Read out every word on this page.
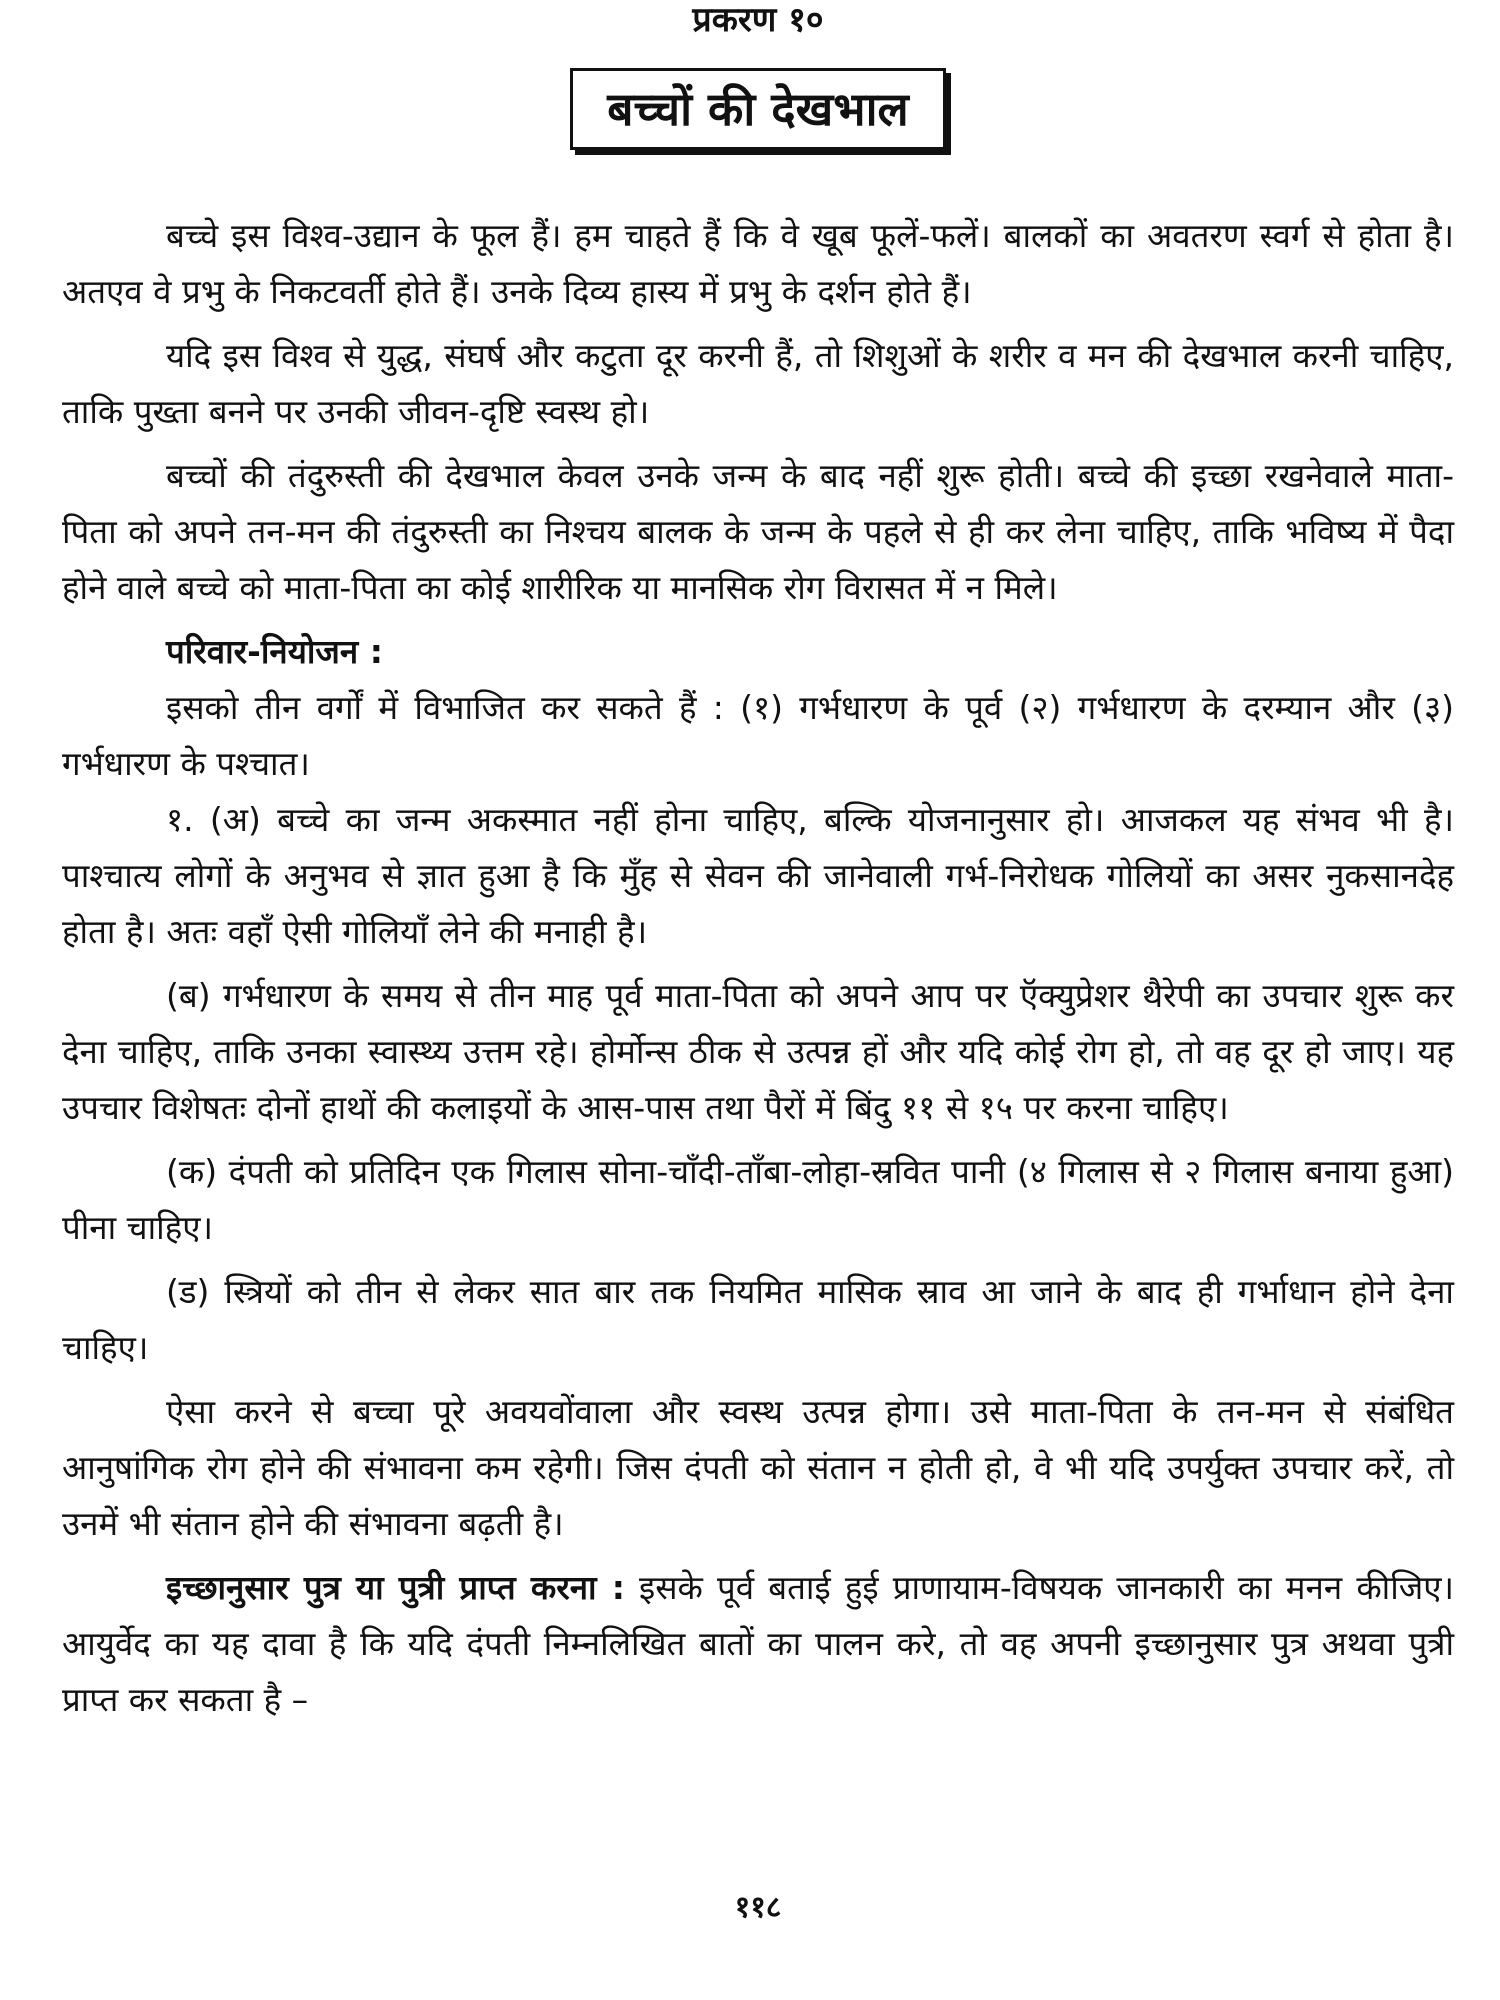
प्रकरण १०
बच्चों की देखभाल

बच्चे इस विश्व-उद्यान के फूल हैं। हम चाहते हैं कि वे खूब फूलें-फलें। बालकों का अवतरण स्वर्ग से होता है। अतएव वे प्रभु के निकटवर्ती होते हैं। उनके दिव्य हास्य में प्रभु के दर्शन होते हैं।

यदि इस विश्व से युद्ध, संघर्ष और कटुता दूर करनी हैं, तो शिशुओं के शरीर व मन की देखभाल करनी चाहिए, ताकि पुख्ता बनने पर उनकी जीवन-दृष्टि स्वस्थ हो।

बच्चों की तंदुरुस्ती की देखभाल केवल उनके जन्म के बाद नहीं शुरू होती। बच्चे की इच्छा रखनेवाले माता-पिता को अपने तन-मन की तंदुरुस्ती का निश्चय बालक के जन्म के पहले से ही कर लेना चाहिए, ताकि भविष्य में पैदा होने वाले बच्चे को माता-पिता का कोई शारीरिक या मानसिक रोग विरासत में न मिले।

परिवार-नियोजन :

इसको तीन वर्गों में विभाजित कर सकते हैं : (१) गर्भधारण के पूर्व (२) गर्भधारण के दरम्यान और (३) गर्भधारण के पश्चात।

१. (अ) बच्चे का जन्म अकस्मात नहीं होना चाहिए, बल्कि योजनानुसार हो। आजकल यह संभव भी है। पाश्चात्य लोगों के अनुभव से ज्ञात हुआ है कि मुँह से सेवन की जानेवाली गर्भ-निरोधक गोलियों का असर नुकसानदेह होता है। अतः वहाँ ऐसी गोलियाँ लेने की मनाही है।

(ब) गर्भधारण के समय से तीन माह पूर्व माता-पिता को अपने आप पर ऍक्युप्रेशर थैरेपी का उपचार शुरू कर देना चाहिए, ताकि उनका स्वास्थ्य उत्तम रहे। होर्मोन्स ठीक से उत्पन्न हों और यदि कोई रोग हो, तो वह दूर हो जाए। यह उपचार विशेषतः दोनों हाथों की कलाइयों के आस-पास तथा पैरों में बिंदु ११ से १५ पर करना चाहिए।

(क) दंपती को प्रतिदिन एक गिलास सोना-चाँदी-ताँबा-लोहा-स्रवित पानी (४ गिलास से २ गिलास बनाया हुआ) पीना चाहिए।

(ड) स्त्रियों को तीन से लेकर सात बार तक नियमित मासिक स्राव आ जाने के बाद ही गर्भाधान होने देना चाहिए।

ऐसा करने से बच्चा पूरे अवयवोंवाला और स्वस्थ उत्पन्न होगा। उसे माता-पिता के तन-मन से संबंधित आनुषांगिक रोग होने की संभावना कम रहेगी। जिस दंपती को संतान न होती हो, वे भी यदि उपर्युक्त उपचार करें, तो उनमें भी संतान होने की संभावना बढ़ती है।

इच्छानुसार पुत्र या पुत्री प्राप्त करना : इसके पूर्व बताई हुई प्राणायाम-विषयक जानकारी का मनन कीजिए। आयुर्वेद का यह दावा है कि यदि दंपती निम्नलिखित बातों का पालन करे, तो वह अपनी इच्छानुसार पुत्र अथवा पुत्री प्राप्त कर सकता है –

११८
